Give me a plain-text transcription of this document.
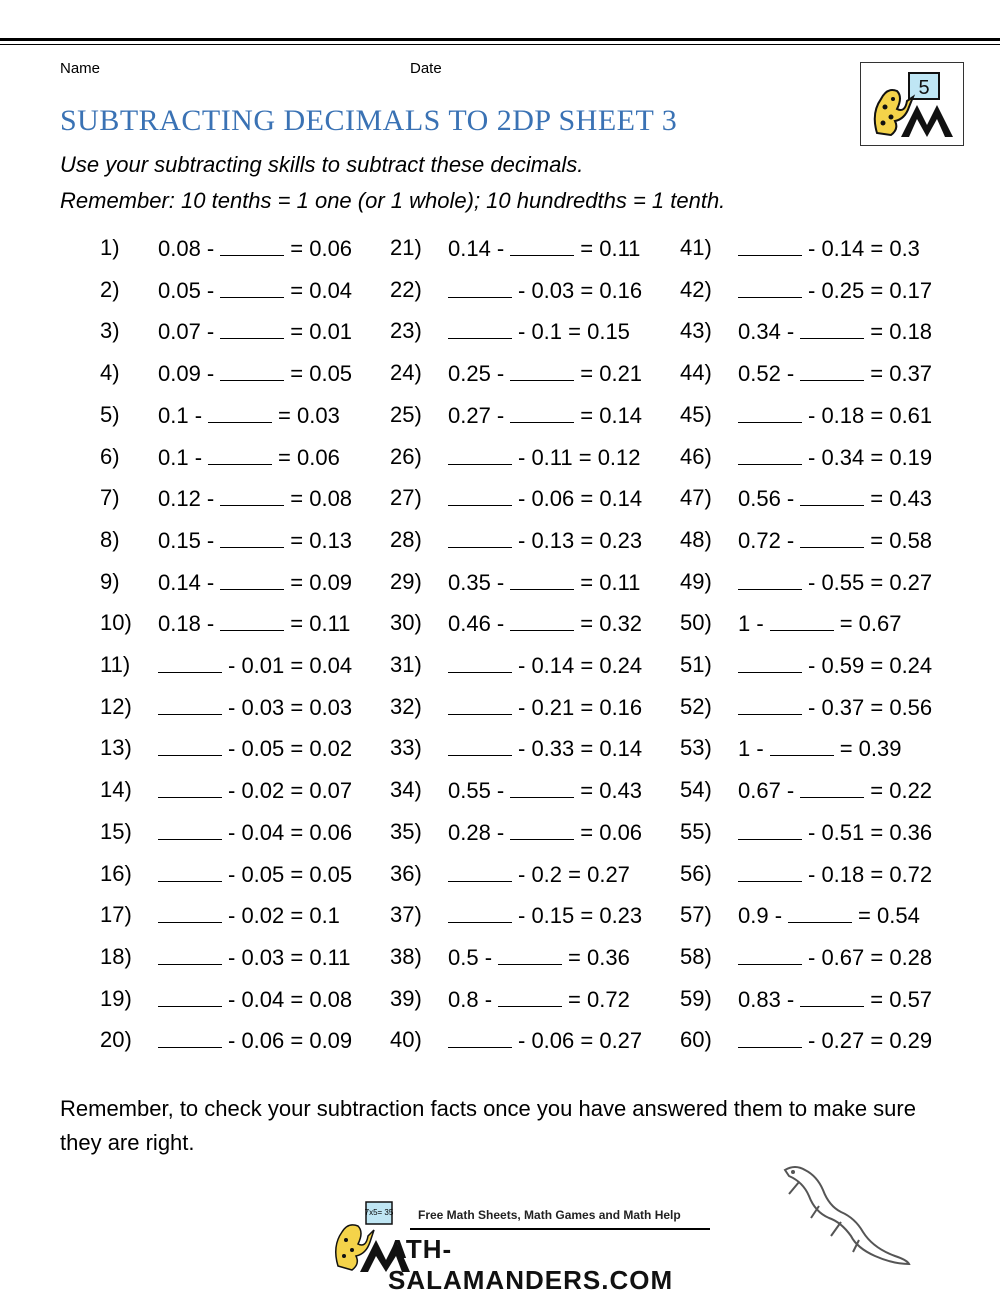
Name	Date
SUBTRACTING DECIMALS TO 2DP SHEET 3
Use your subtracting skills to subtract these decimals.
Remember: 10 tenths = 1 one (or 1 whole); 10 hundredths = 1 tenth.
5
1) 0.08 -	= 0.06 21) 0.14 -	= 0.11 41)	- 0.14 = 0.3
2) 0.05 -	= 0.04 22)	- 0.03 = 0.16 42)	- 0.25 = 0.17
3) 0.07 -	= 0.01 23)	- 0.1 = 0.15 43) 0.34 -	= 0.18
4) 0.09 -	= 0.05 24) 0.25 -	= 0.21 44) 0.52 -	= 0.37
5) 0.1 -	= 0.03 25) 0.27 -	= 0.14 45)	- 0.18 = 0.61
6) 0.1 -	= 0.06 26)	- 0.11 = 0.12 46)	- 0.34 = 0.19
7) 0.12 -	= 0.08 27)	- 0.06 = 0.14 47) 0.56 -	= 0.43
8) 0.15 -	= 0.13 28)	- 0.13 = 0.23 48) 0.72 -	= 0.58
9) 0.14 -	= 0.09 29) 0.35 -	= 0.11 49)	- 0.55 = 0.27
10) 0.18 -	= 0.11 30) 0.46 -	= 0.32 50) 1 -	= 0.67
11)	- 0.01 = 0.04 31)	- 0.14 = 0.24 51)	- 0.59 = 0.24
12)	- 0.03 = 0.03 32)	- 0.21 = 0.16 52)	- 0.37 = 0.56
13)	- 0.05 = 0.02 33)	- 0.33 = 0.14 53) 1 -	= 0.39
14)	- 0.02 = 0.07 34) 0.55 -	= 0.43 54) 0.67 -	= 0.22
15)	- 0.04 = 0.06 35) 0.28 -	= 0.06 55)	- 0.51 = 0.36
16)	- 0.05 = 0.05 36)	- 0.2 = 0.27 56)	- 0.18 = 0.72
17)	- 0.02 = 0.1 37)	- 0.15 = 0.23 57) 0.9 -	= 0.54
18)	- 0.03 = 0.11 38) 0.5 -	= 0.36 58)	- 0.67 = 0.28
19)	- 0.04 = 0.08 39) 0.8 -	= 0.72 59) 0.83 -	= 0.57
20)	- 0.06 = 0.09 40)	- 0.06 = 0.27 60)	- 0.27 = 0.29
Remember, to check your subtraction facts once you have answered them to make sure they are right.
7x5= 35 Free Math Sheets, Math Games and Math Help
ATH-SALAMANDERS.COM
